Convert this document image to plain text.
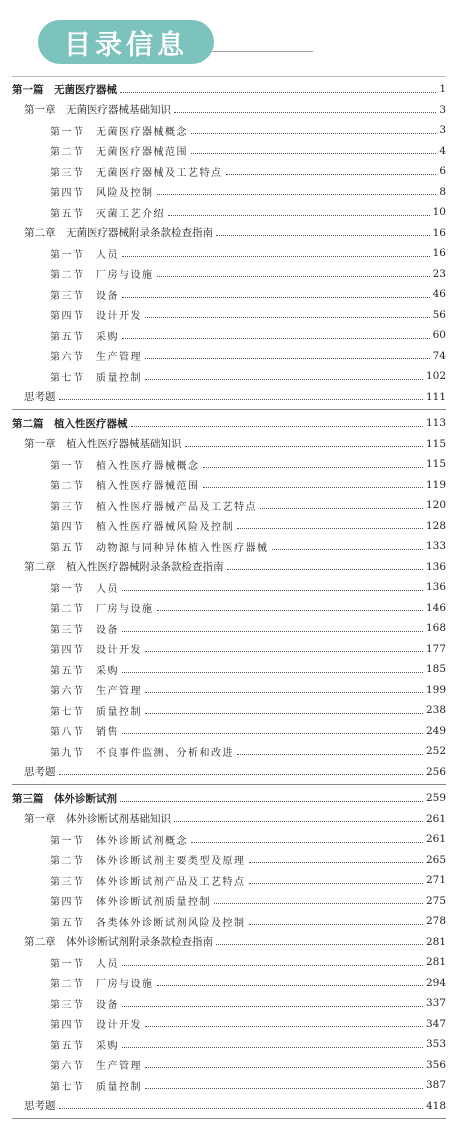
目录信息
第一篇　无菌医疗器械	1
第一章　无菌医疗器械基础知识	3
第一节　无菌医疗器械概念	3
第二节　无菌医疗器械范围	4
第三节　无菌医疗器械及工艺特点	6
第四节　风险及控制	8
第五节　灭菌工艺介绍	10
第二章　无菌医疗器械附录条款检查指南	16
第一节　人员	16
第二节　厂房与设施	23
第三节　设备	46
第四节　设计开发	56
第五节　采购	60
第六节　生产管理	74
第七节　质量控制	102
思考题	111
第二篇　植入性医疗器械	113
第一章　植入性医疗器械基础知识	115
第一节　植入性医疗器械概念	115
第二节　植入性医疗器械范围	119
第三节　植入性医疗器械产品及工艺特点	120
第四节　植入性医疗器械风险及控制	128
第五节　动物源与同种异体植入性医疗器械	133
第二章　植入性医疗器械附录条款检查指南	136
第一节　人员	136
第二节　厂房与设施	146
第三节　设备	168
第四节　设计开发	177
第五节　采购	185
第六节　生产管理	199
第七节　质量控制	238
第八节　销售	249
第九节　不良事件监测、分析和改进	252
思考题	256
第三篇　体外诊断试剂	259
第一章　体外诊断试剂基础知识	261
第一节　体外诊断试剂概念	261
第二节　体外诊断试剂主要类型及原理	265
第三节　体外诊断试剂产品及工艺特点	271
第四节　体外诊断试剂质量控制	275
第五节　各类体外诊断试剂风险及控制	278
第二章　体外诊断试剂附录条款检查指南	281
第一节　人员	281
第二节　厂房与设施	294
第三节　设备	337
第四节　设计开发	347
第五节　采购	353
第六节　生产管理	356
第七节　质量控制	387
思考题	418
